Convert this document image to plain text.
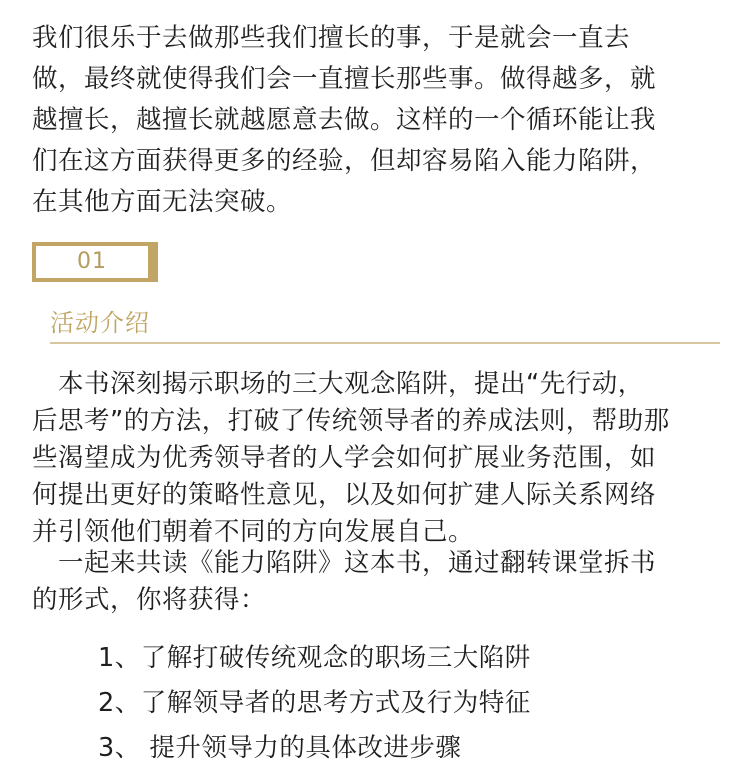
我们很乐于去做那些我们擅长的事，于是就会一直去
做，最终就使得我们会一直擅长那些事。做得越多，就
越擅长，越擅长就越愿意去做。这样的一个循环能让我
们在这方面获得更多的经验，但却容易陷入能力陷阱，
在其他方面无法突破。
01
活动介绍
　本书深刻揭示职场的三大观念陷阱，提出“先行动，
后思考”的方法，打破了传统领导者的养成法则，帮助那
些渴望成为优秀领导者的人学会如何扩展业务范围，如
何提出更好的策略性意见，以及如何扩建人际关系网络
并引领他们朝着不同的方向发展自己。
　一起来共读《能力陷阱》这本书，通过翻转课堂拆书
的形式，你将获得：
1、了解打破传统观念的职场三大陷阱
2、了解领导者的思考方式及行为特征
3、 提升领导力的具体改进步骤
